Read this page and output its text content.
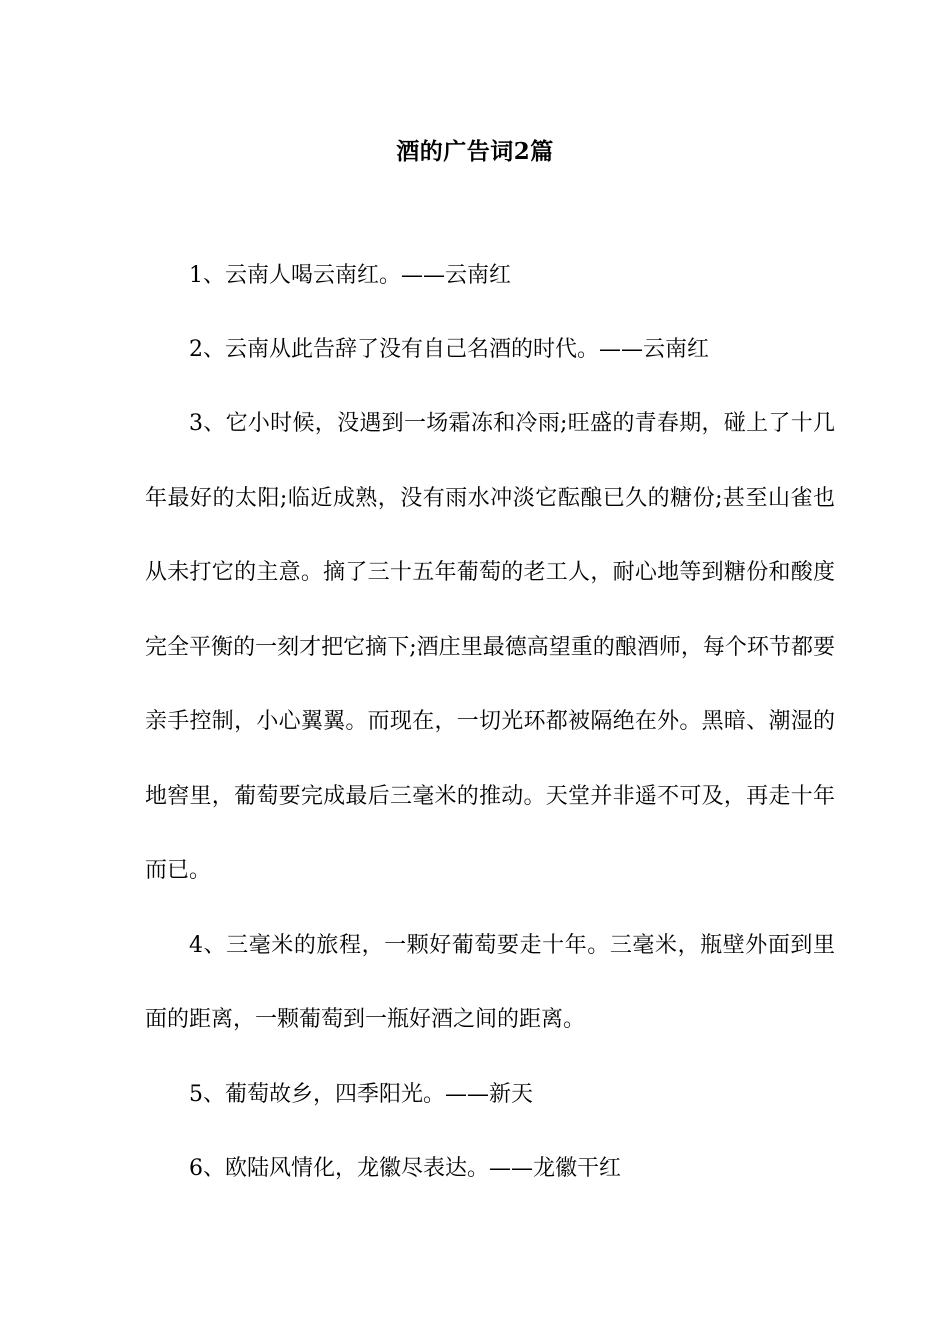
酒的广告词2篇

1、云南人喝云南红。——云南红

2、云南从此告辞了没有自己名酒的时代。——云南红

3、它小时候，没遇到一场霜冻和冷雨;旺盛的青春期，碰上了十几年最好的太阳;临近成熟，没有雨水冲淡它酝酿已久的糖份;甚至山雀也从未打它的主意。摘了三十五年葡萄的老工人，耐心地等到糖份和酸度完全平衡的一刻才把它摘下;酒庄里最德高望重的酿酒师，每个环节都要亲手控制，小心翼翼。而现在，一切光环都被隔绝在外。黑暗、潮湿的地窖里，葡萄要完成最后三毫米的推动。天堂并非遥不可及，再走十年而已。

4、三毫米的旅程，一颗好葡萄要走十年。三毫米，瓶壁外面到里面的距离，一颗葡萄到一瓶好酒之间的距离。

5、葡萄故乡，四季阳光。——新天

6、欧陆风情化，龙徽尽表达。——龙徽干红
